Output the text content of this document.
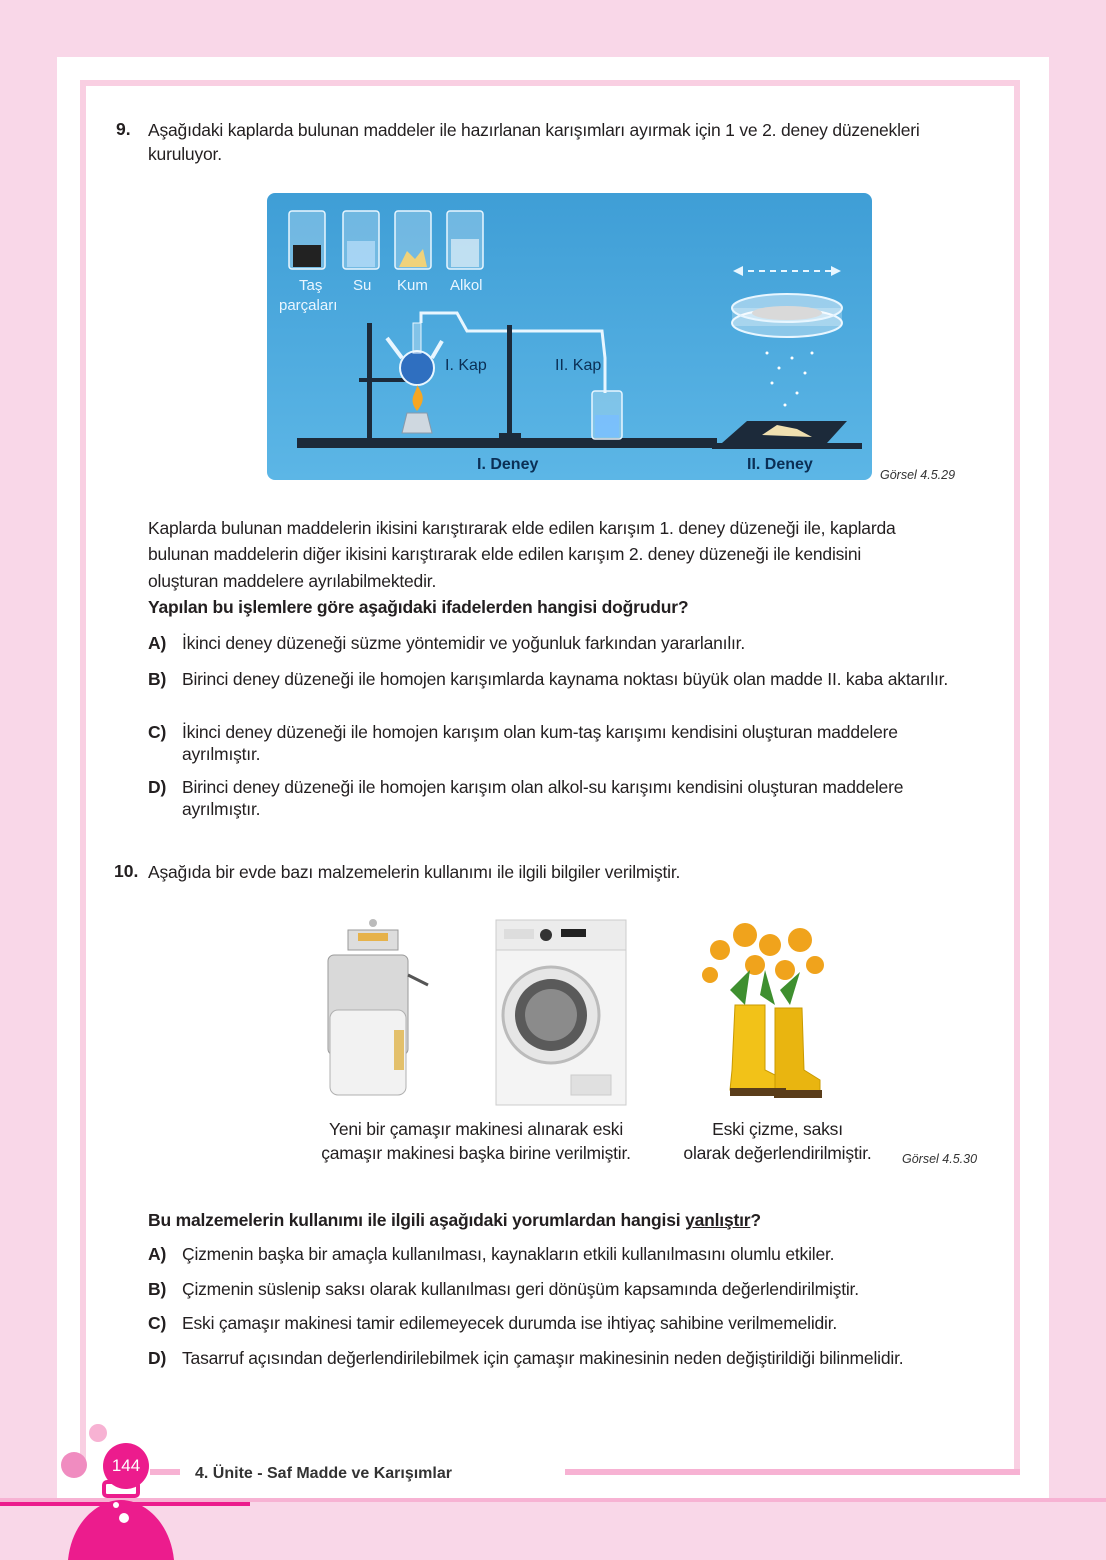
9. Aşağıdaki kaplarda bulunan maddeler ile hazırlanan karışımları ayırmak için 1 ve 2. deney düzenekleri
kuruluyor.
Taş
parçaları
Su Kum Alkol
I. Kap	II. Kap
I. Deney	II. Deney
Görsel 4.5.29
Kaplarda bulunan maddelerin ikisini karıştırarak elde edilen karışım 1. deney düzeneği ile, kaplarda
bulunan maddelerin diğer ikisini karıştırarak elde edilen karışım 2. deney düzeneği ile kendisini
oluşturan maddelere ayrılabilmektedir.
Yapılan bu işlemlere göre aşağıdaki ifadelerden hangisi doğrudur?
A) İkinci deney düzeneği süzme yöntemidir ve yoğunluk farkından yararlanılır.
B) Birinci deney düzeneği ile homojen karışımlarda kaynama noktası büyük olan madde II. kaba aktarılır.
C) İkinci deney düzeneği ile homojen karışım olan kum-taş karışımı kendisini oluşturan maddelere ayrılmıştır.
D) Birinci deney düzeneği ile homojen karışım olan alkol-su karışımı kendisini oluşturan maddelere ayrılmıştır.
10. Aşağıda bir evde bazı malzemelerin kullanımı ile ilgili bilgiler verilmiştir.
Yeni bir çamaşır makinesi alınarak eski
çamaşır makinesi başka birine verilmiştir.
Eski çizme, saksı
olarak değerlendirilmiştir.	Görsel 4.5.30
Bu malzemelerin kullanımı ile ilgili aşağıdaki yorumlardan hangisi yanlıştır?
A) Çizmenin başka bir amaçla kullanılması, kaynakların etkili kullanılmasını olumlu etkiler.
B) Çizmenin süslenip saksı olarak kullanılması geri dönüşüm kapsamında değerlendirilmiştir.
C) Eski çamaşır makinesi tamir edilemeyecek durumda ise ihtiyaç sahibine verilmemelidir.
D) Tasarruf açısından değerlendirilebilmek için çamaşır makinesinin neden değiştirildiği bilinmelidir.
144	4. Ünite - Saf Madde ve Karışımlar
